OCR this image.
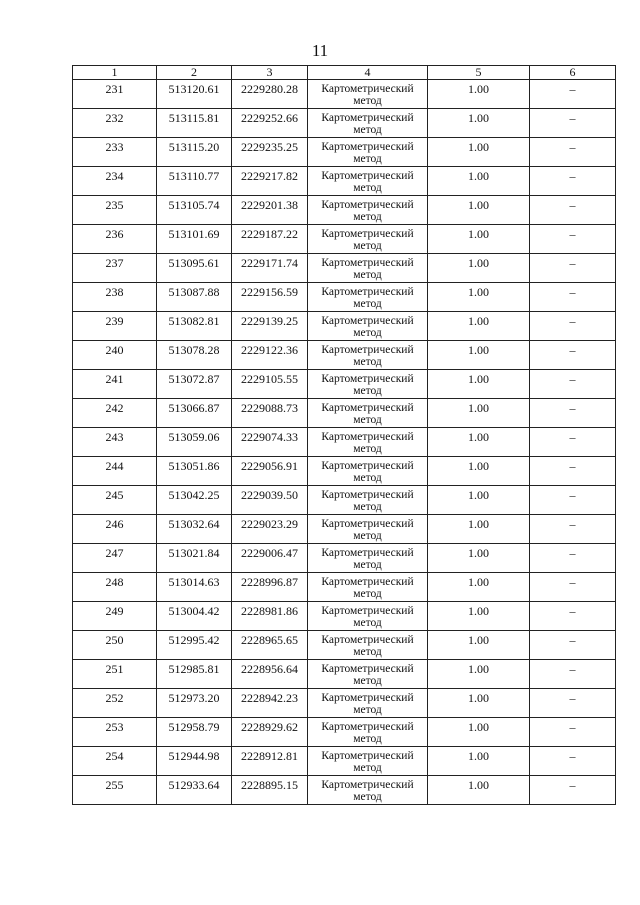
11
1	2	3	4	5	6
231	513120.61	2229280.28	Картометрический метод	1.00	–
232	513115.81	2229252.66	Картометрический метод	1.00	–
233	513115.20	2229235.25	Картометрический метод	1.00	–
234	513110.77	2229217.82	Картометрический метод	1.00	–
235	513105.74	2229201.38	Картометрический метод	1.00	–
236	513101.69	2229187.22	Картометрический метод	1.00	–
237	513095.61	2229171.74	Картометрический метод	1.00	–
238	513087.88	2229156.59	Картометрический метод	1.00	–
239	513082.81	2229139.25	Картометрический метод	1.00	–
240	513078.28	2229122.36	Картометрический метод	1.00	–
241	513072.87	2229105.55	Картометрический метод	1.00	–
242	513066.87	2229088.73	Картометрический метод	1.00	–
243	513059.06	2229074.33	Картометрический метод	1.00	–
244	513051.86	2229056.91	Картометрический метод	1.00	–
245	513042.25	2229039.50	Картометрический метод	1.00	–
246	513032.64	2229023.29	Картометрический метод	1.00	–
247	513021.84	2229006.47	Картометрический метод	1.00	–
248	513014.63	2228996.87	Картометрический метод	1.00	–
249	513004.42	2228981.86	Картометрический метод	1.00	–
250	512995.42	2228965.65	Картометрический метод	1.00	–
251	512985.81	2228956.64	Картометрический метод	1.00	–
252	512973.20	2228942.23	Картометрический метод	1.00	–
253	512958.79	2228929.62	Картометрический метод	1.00	–
254	512944.98	2228912.81	Картометрический метод	1.00	–
255	512933.64	2228895.15	Картометрический метод	1.00	–
